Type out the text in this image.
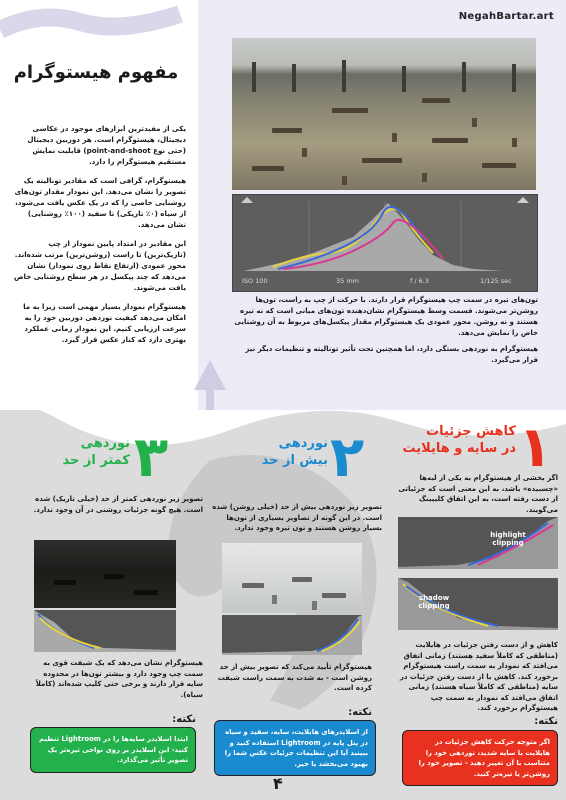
NegahBartar.art
مفهوم هیستوگرام

یکی از مفیدترین ابزارهای موجود در عکاسی دیجیتال، هیستوگرام است. هر دوربین دیجیتال (حتی نوع point-and-shoot) قابلیت نمایش مستقیم هیستوگرام را دارد.

هیستوگرام، گرافی است که مقادیر تونالیته یک تصویر را نشان می‌دهد. این نمودار مقدار تون‌های روشنایی خاصی را که در یک عکس یافت می‌شود، از سیاه (۰٪ تاریکی) تا سفید (۱۰۰٪ روشنایی) نشان می‌دهد.

این مقادیر در امتداد پایین نمودار از چپ (تاریک‌ترین) تا راست (روشن‌ترین) مرتب شده‌اند. محور عمودی (ارتفاع نقاط روی نمودار) نشان می‌دهد که چند پیکسل در هر سطح روشنایی خاص یافت می‌شوند.

هیستوگرام نمودار بسیار مهمی است زیرا به ما امکان می‌دهد کیفیت نوردهی دوربین خود را به سرعت ارزیابی کنیم. این نمودار زمانی عملکرد بهتری دارد که کنار عکس قرار گیرد.

ISO 100	35 mm	f / 6.3	1/125 sec

تون‌های تیره در سمت چپ هیستوگرام قرار دارند. با حرکت از چپ به راست، تون‌ها روشن‌تر می‌شوند. قسمت وسط هیستوگرام نشان‌دهنده تون‌های میانی است که نه تیره هستند و نه روشن. محور عمودی یک هیستوگرام مقدار پیکسل‌های مربوط به آن روشنایی خاص را نمایش می‌دهد.

هیستوگرام به نوردهی بستگی دارد، اما همچنین تحت تأثیر تونالیته و تنظیمات دیگر نیز قرار می‌گیرد.

۱
کاهش جزئیات
در سایه و هایلایت
اگر بخشی از هیستوگرام به یکی از لبه‌ها «چسبیده» باشد، به این معنی است که جزئیاتی از دست رفته است، به این اتفاق کلیپینگ می‌گویند.
highlight clipping
shadow clipping
کاهش و از دست رفتن جزئیات در هایلایت (مناطقی که کاملاً سفید هستند) زمانی اتفاق می‌افتد که نمودار به سمت راست هیستوگرام برخورد کند. کاهش یا از دست رفتن جزئیات در سایه (مناطقی که کاملاً سیاه هستند) زمانی اتفاق می‌افتد که نمودار به سمت چپ هیستوگرام برخورد کند.
نکته:
اگر متوجه حرکت کاهش جزئیات در هایلایت یا سایه شدید، نوردهی خود را متناسب با آن تغییر دهید - تصویر خود را روشن‌تر یا تیره‌تر کنید.
۲
نوردهی
بیش از حد
تصویر زیر نوردهی بیش از حد (خیلی روشن) شده است. در این گونه از تصاویر بسیاری از تون‌ها بسیار روشن هستند و تون تیره وجود ندارد.
هیستوگرام تأیید می‌کند که تصویر بیش از حد روشن است - به شدت به سمت راست شیفت کرده است.
نکته:
از اسلایدرهای هایلایت، سایه، سفید و سیاه در پنل پایه در Lightroom استفاده کنید و ببینید آیا این تنظیمات جزئیات عکس شما را بهبود می‌بخشد یا خیر.
۳
نوردهی
کمتر از حد
تصویر زیر نوردهی کمتر از حد (خیلی تاریک) شده است. هیچ گونه جزئیات روشنی در آن وجود ندارد.
هیستوگرام نشان می‌دهد که یک شیفت قوی به سمت چپ وجود دارد و بیشتر تون‌ها در محدوده سایه قرار دارند و برخی حتی کلیپ شده‌اند (کاملاً سیاه).
نکته:
ابتدا اسلایدر سایه‌ها را در Lightroom تنظیم کنید- این اسلایدر بر روی نواحی تیره‌تر یک تصویر تأثیر می‌گذارد.
۴
